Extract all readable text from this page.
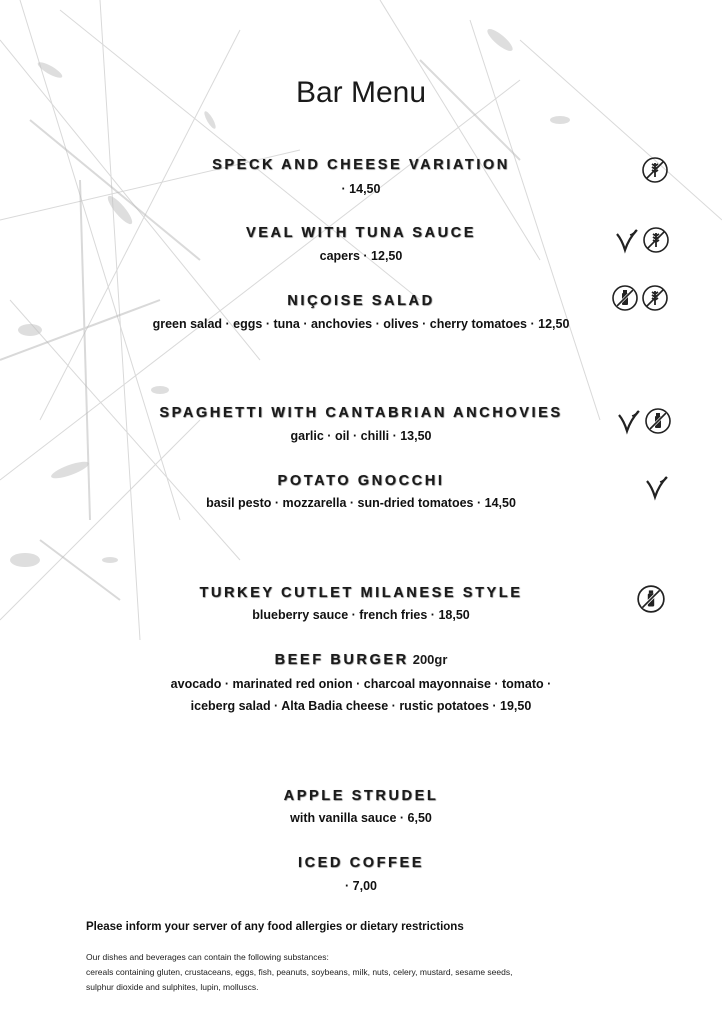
Bar Menu
SPECK AND CHEESE VARIATION
· 14,50
VEAL WITH TUNA SAUCE
capers · 12,50
NIÇOISE SALAD
green salad · eggs · tuna · anchovies · olives · cherry tomatoes · 12,50
SPAGHETTI WITH CANTABRIAN ANCHOVIES
garlic · oil · chilli · 13,50
POTATO GNOCCHI
basil pesto · mozzarella · sun-dried tomatoes · 14,50
TURKEY CUTLET MILANESE STYLE
blueberry sauce · french fries · 18,50
BEEF BURGER 200gr
avocado · marinated red onion · charcoal mayonnaise · tomato ·
iceberg salad · Alta Badia cheese · rustic potatoes · 19,50
APPLE STRUDEL
with vanilla sauce · 6,50
ICED COFFEE
· 7,00
Please inform your server of any food allergies or dietary restrictions
Our dishes and beverages can contain the following substances:
cereals containing gluten, crustaceans, eggs, fish, peanuts, soybeans, milk, nuts, celery, mustard, sesame seeds,
sulphur dioxide and sulphites, lupin, molluscs.
